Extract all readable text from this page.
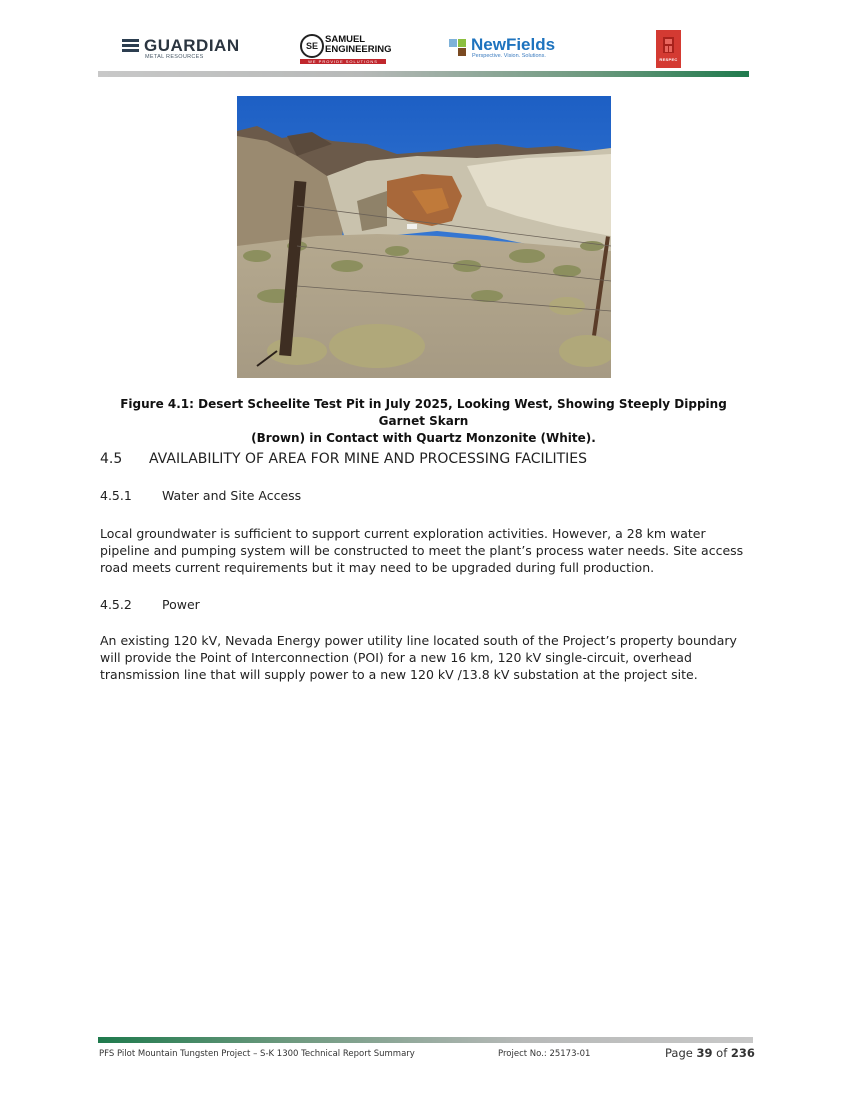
GUARDIAN
METAL RESOURCES
SE
SAMUEL
ENGINEERING
WE PROVIDE SOLUTIONS
NewFields
Perspective. Vision. Solutions.
RESPEC
Figure 4.1: Desert Scheelite Test Pit in July 2025, Looking West, Showing Steeply Dipping Garnet Skarn
(Brown) in Contact with Quartz Monzonite (White).
4.5 AVAILABILITY OF AREA FOR MINE AND PROCESSING FACILITIES
4.5.1 Water and Site Access
Local groundwater is sufficient to support current exploration activities. However, a 28 km water
pipeline and pumping system will be constructed to meet the plant’s process water needs. Site access
road meets current requirements but it may need to be upgraded during full production.
4.5.2 Power
An existing 120 kV, Nevada Energy power utility line located south of the Project’s property boundary
will provide the Point of Interconnection (POI) for a new 16 km, 120 kV single-circuit, overhead
transmission line that will supply power to a new 120 kV /13.8 kV substation at the project site.
PFS Pilot Mountain Tungsten Project – S-K 1300 Technical Report Summary	Project No.: 25173-01	Page 39 of 236
